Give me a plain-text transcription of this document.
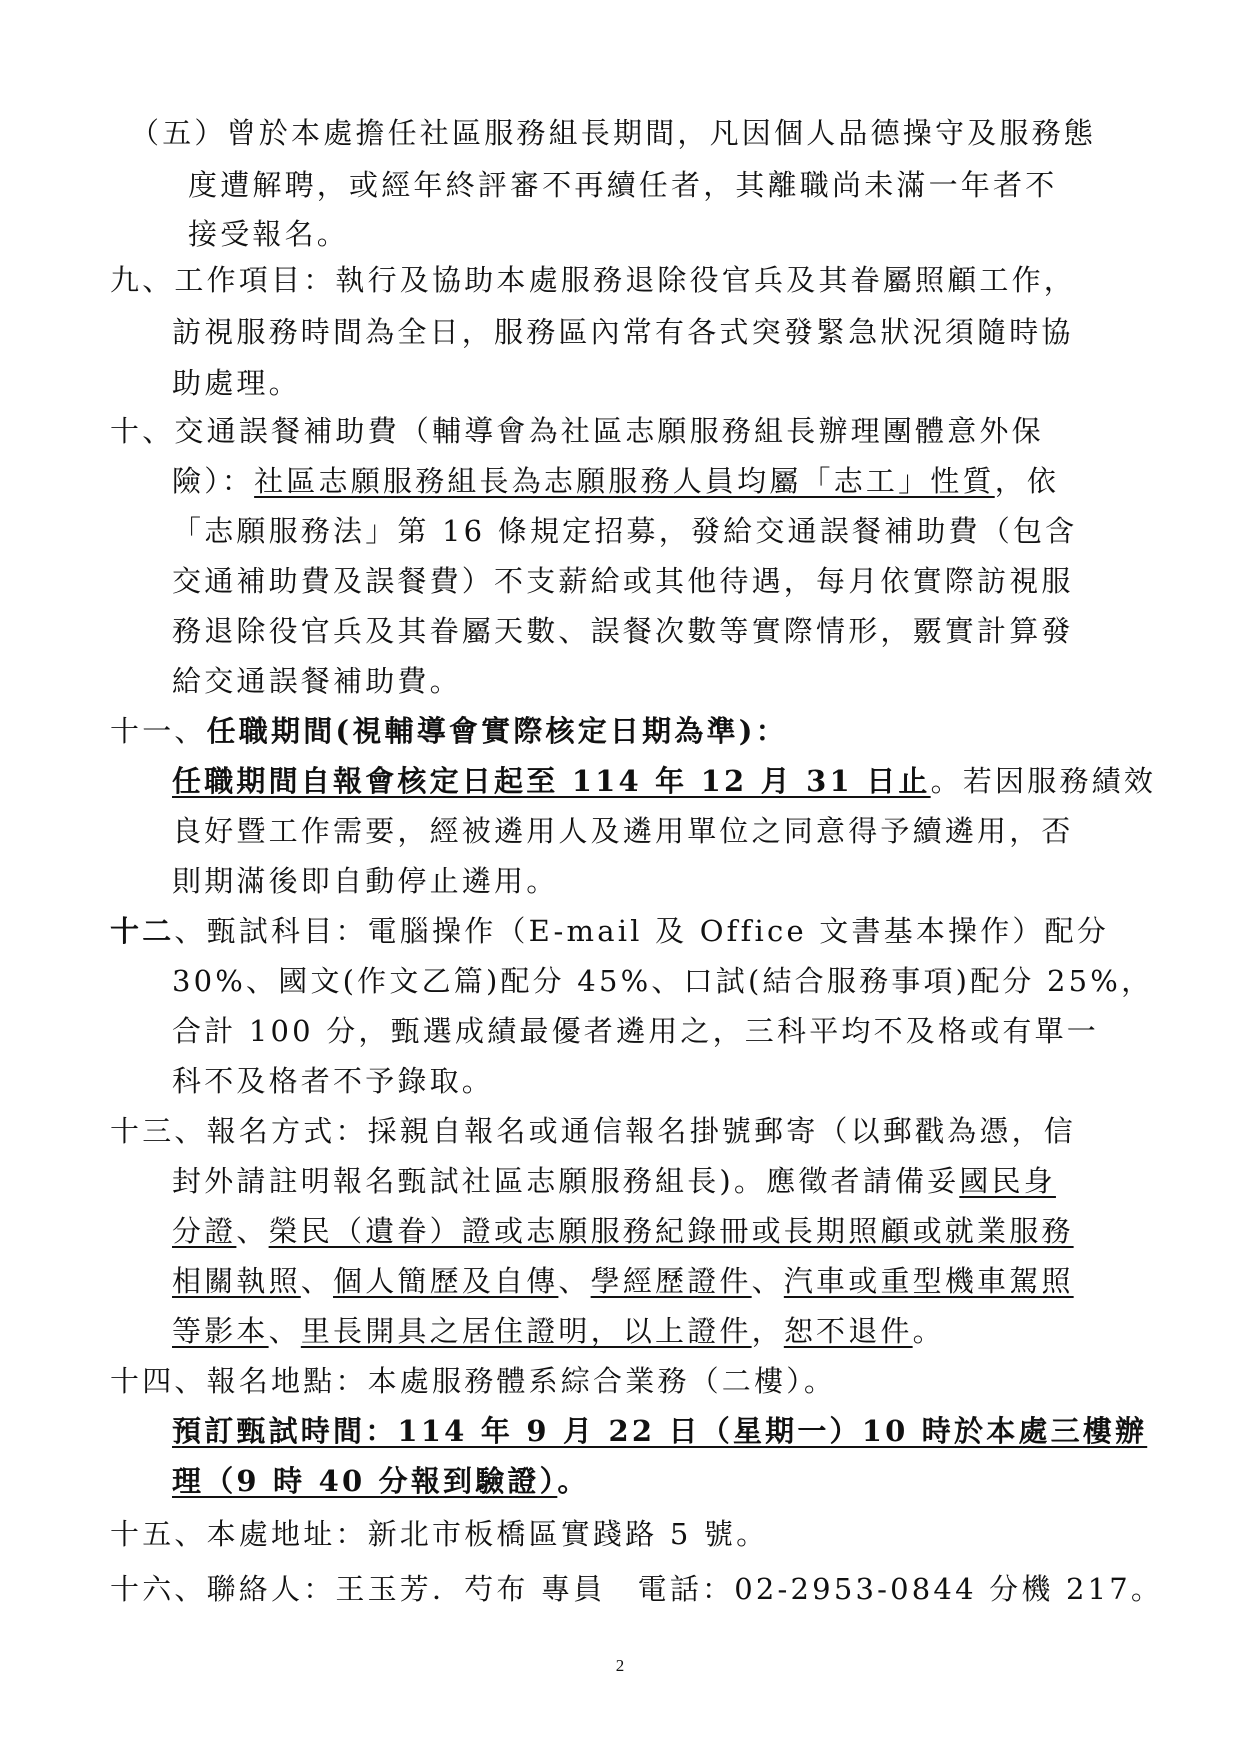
（五）曾於本處擔任社區服務組長期間，凡因個人品德操守及服務態
度遭解聘，或經年終評審不再續任者，其離職尚未滿一年者不
接受報名。
九、工作項目：執行及協助本處服務退除役官兵及其眷屬照顧工作，
訪視服務時間為全日，服務區內常有各式突發緊急狀況須隨時協
助處理。
十、交通誤餐補助費（輔導會為社區志願服務組長辦理團體意外保
險）：社區志願服務組長為志願服務人員均屬「志工」性質，依
「志願服務法」第 16 條規定招募，發給交通誤餐補助費（包含
交通補助費及誤餐費）不支薪給或其他待遇，每月依實際訪視服
務退除役官兵及其眷屬天數、誤餐次數等實際情形，覈實計算發
給交通誤餐補助費。
十一、任職期間(視輔導會實際核定日期為準)：
任職期間自報會核定日起至 114 年 12 月 31 日止。若因服務績效
良好暨工作需要，經被遴用人及遴用單位之同意得予續遴用，否
則期滿後即自動停止遴用。
十二、甄試科目：電腦操作（E-mail 及 Office 文書基本操作）配分
30%、國文(作文乙篇)配分 45%、口試(結合服務事項)配分 25%，
合計 100 分，甄選成績最優者遴用之，三科平均不及格或有單一
科不及格者不予錄取。
十三、報名方式：採親自報名或通信報名掛號郵寄（以郵戳為憑，信
封外請註明報名甄試社區志願服務組長)。應徵者請備妥國民身
分證、榮民（遺眷）證或志願服務紀錄冊或長期照顧或就業服務
相關執照、個人簡歷及自傳、學經歷證件、汽車或重型機車駕照
等影本、里長開具之居住證明，以上證件，恕不退件。
十四、報名地點：本處服務體系綜合業務（二樓）。
預訂甄試時間：114 年 9 月 22 日（星期一）10 時於本處三樓辦
理（9 時 40 分報到驗證）。
十五、本處地址：新北市板橋區實踐路 5 號。
十六、聯絡人：王玉芳．芍布 專員　電話：02-2953-0844 分機 217。
2
